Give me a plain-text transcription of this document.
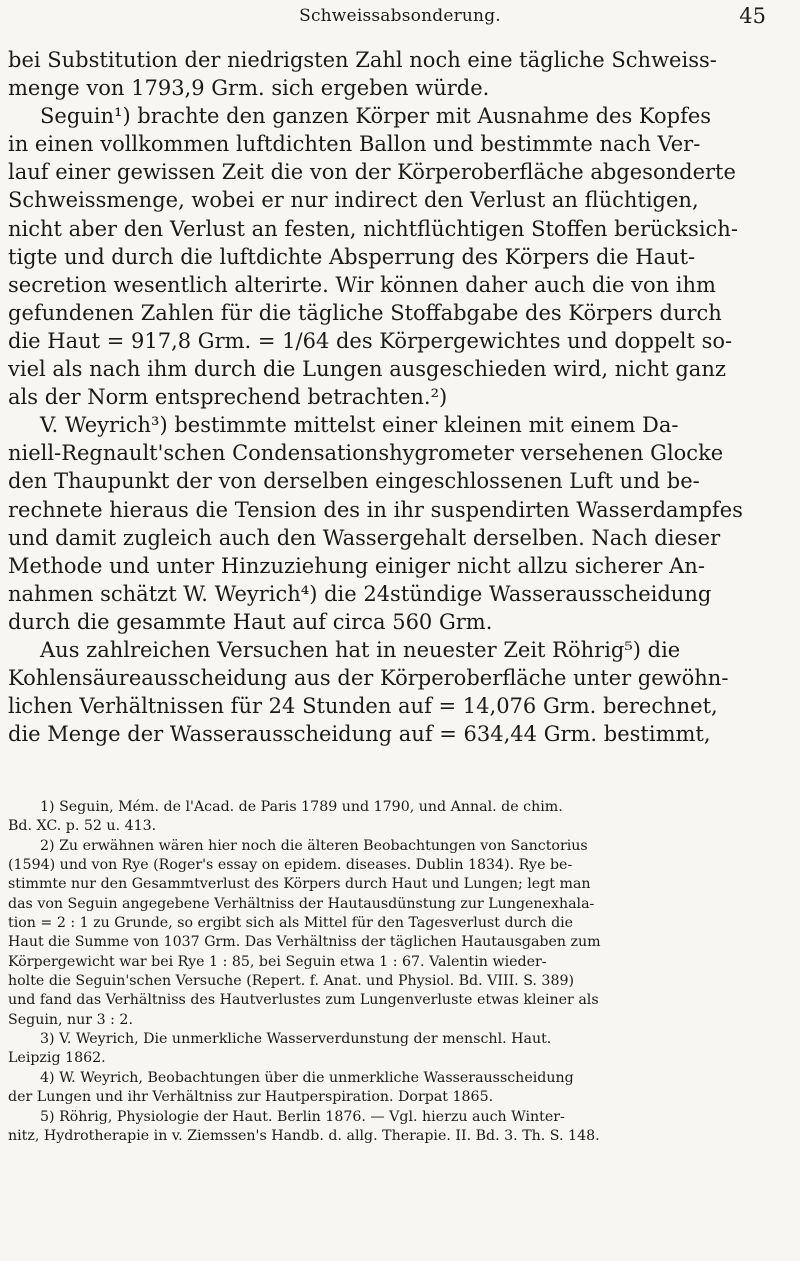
Schweissabsonderung.	45
bei Substitution der niedrigsten Zahl noch eine tägliche Schweiss-
menge von 1793,9 Grm. sich ergeben würde.
Seguin¹) brachte den ganzen Körper mit Ausnahme des Kopfes
in einen vollkommen luftdichten Ballon und bestimmte nach Ver-
lauf einer gewissen Zeit die von der Körperoberfläche abgesonderte
Schweissmenge, wobei er nur indirect den Verlust an flüchtigen,
nicht aber den Verlust an festen, nichtflüchtigen Stoffen berücksich-
tigte und durch die luftdichte Absperrung des Körpers die Haut-
secretion wesentlich alterirte. Wir können daher auch die von ihm
gefundenen Zahlen für die tägliche Stoffabgabe des Körpers durch
die Haut = 917,8 Grm. = 1/64 des Körpergewichtes und doppelt so-
viel als nach ihm durch die Lungen ausgeschieden wird, nicht ganz
als der Norm entsprechend betrachten.²)
V. Weyrich³) bestimmte mittelst einer kleinen mit einem Da-
niell-Regnault'schen Condensationshygrometer versehenen Glocke
den Thaupunkt der von derselben eingeschlossenen Luft und be-
rechnete hieraus die Tension des in ihr suspendirten Wasserdampfes
und damit zugleich auch den Wassergehalt derselben. Nach dieser
Methode und unter Hinzuziehung einiger nicht allzu sicherer An-
nahmen schätzt W. Weyrich⁴) die 24stündige Wasserausscheidung
durch die gesammte Haut auf circa 560 Grm.
Aus zahlreichen Versuchen hat in neuester Zeit Röhrig⁵) die
Kohlensäureausscheidung aus der Körperoberfläche unter gewöhn-
lichen Verhältnissen für 24 Stunden auf = 14,076 Grm. berechnet,
die Menge der Wasserausscheidung auf = 634,44 Grm. bestimmt,
1) Seguin, Mém. de l'Acad. de Paris 1789 und 1790, und Annal. de chim.
Bd. XC. p. 52 u. 413.
2) Zu erwähnen wären hier noch die älteren Beobachtungen von Sanctorius
(1594) und von Rye (Roger's essay on epidem. diseases. Dublin 1834). Rye be-
stimmte nur den Gesammtverlust des Körpers durch Haut und Lungen; legt man
das von Seguin angegebene Verhältniss der Hautausdünstung zur Lungenexhala-
tion = 2 : 1 zu Grunde, so ergibt sich als Mittel für den Tagesverlust durch die
Haut die Summe von 1037 Grm. Das Verhältniss der täglichen Hautausgaben zum
Körpergewicht war bei Rye 1 : 85, bei Seguin etwa 1 : 67. Valentin wieder-
holte die Seguin'schen Versuche (Repert. f. Anat. und Physiol. Bd. VIII. S. 389)
und fand das Verhältniss des Hautverlustes zum Lungenverluste etwas kleiner als
Seguin, nur 3 : 2.
3) V. Weyrich, Die unmerkliche Wasserverdunstung der menschl. Haut.
Leipzig 1862.
4) W. Weyrich, Beobachtungen über die unmerkliche Wasserausscheidung
der Lungen und ihr Verhältniss zur Hautperspiration. Dorpat 1865.
5) Röhrig, Physiologie der Haut. Berlin 1876. — Vgl. hierzu auch Winter-
nitz, Hydrotherapie in v. Ziemssen's Handb. d. allg. Therapie. II. Bd. 3. Th. S. 148.
